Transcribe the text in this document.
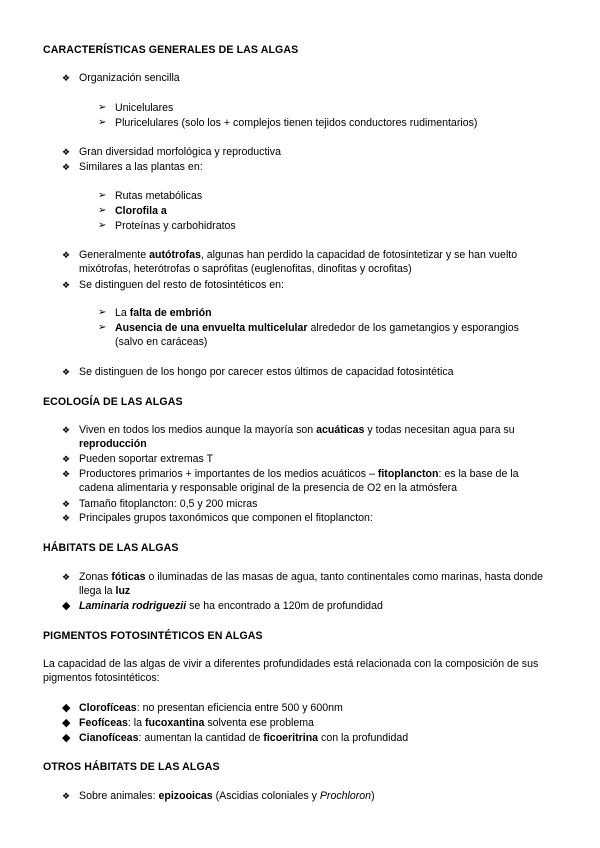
CARACTERÍSTICAS GENERALES DE LAS ALGAS
❖ Organización sencilla
➢ Unicelulares
➢ Pluricelulares (solo los + complejos tienen tejidos conductores rudimentarios)
❖ Gran diversidad morfológica y reproductiva
❖ Similares a las plantas en:
➢ Rutas metabólicas
➢ Clorofila a
➢ Proteínas y carbohidratos
❖ Generalmente autótrofas, algunas han perdido la capacidad de fotosintetizar y se han vuelto mixótrofas, heterótrofas o saprófitas (euglenofitas, dinofitas y ocrofitas)
❖ Se distinguen del resto de fotosintéticos en:
➢ La falta de embrión
➢ Ausencia de una envuelta multicelular alrededor de los gametangios y esporangios (salvo en caráceas)
❖ Se distinguen de los hongo por carecer estos últimos de capacidad fotosintética
ECOLOGÍA DE LAS ALGAS
❖ Viven en todos los medios aunque la mayoría son acuáticas y todas necesitan agua para su reproducción
❖ Pueden soportar extremas T
❖ Productores primarios + importantes de los medios acuáticos – fitoplancton: es la base de la cadena alimentaria y responsable original de la presencia de O2 en la atmósfera
❖ Tamaño fitoplancton: 0,5 y 200 micras
❖ Principales grupos taxonómicos que componen el fitoplancton:
HÁBITATS DE LAS ALGAS
❖ Zonas fóticas o iluminadas de las masas de agua, tanto continentales como marinas, hasta donde llega la luz
◆ Laminaria rodriguezii se ha encontrado a 120m de profundidad
PIGMENTOS FOTOSINTÉTICOS EN ALGAS
La capacidad de las algas de vivir a diferentes profundidades está relacionada con la composición de sus pigmentos fotosintéticos:
◆ Clorofíceas: no presentan eficiencia entre 500 y 600nm
◆ Feofíceas: la fucoxantina solventa ese problema
◆ Cianofíceas: aumentan la cantidad de ficoeritrina con la profundidad
OTROS HÁBITATS DE LAS ALGAS
❖ Sobre animales: epizooicas (Ascidias coloniales y Prochloron)
